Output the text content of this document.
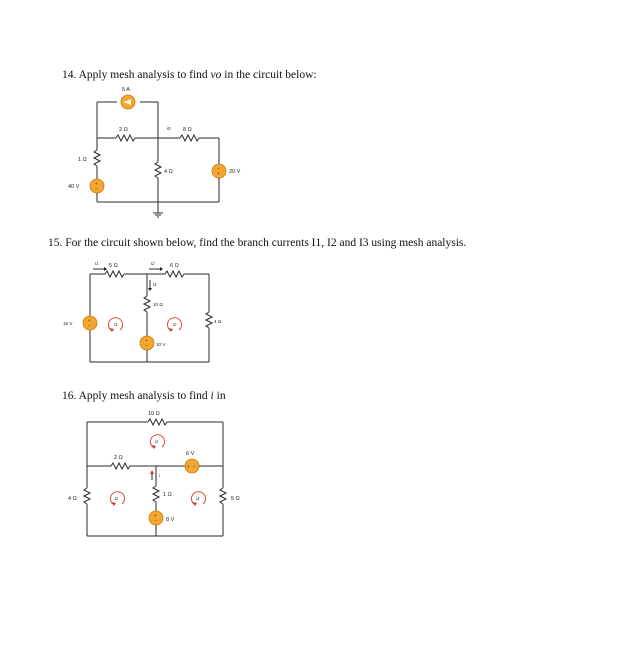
14. Apply mesh analysis to find vo in the circuit below:
5 A
2 Ω	8 Ω
i0
+
−
1 Ω
40 V
4 Ω
−
+ 20 V
15. For the circuit shown below, find the branch currents I1, I2 and I3 using mesh analysis.
5 Ω	6 Ω
I1	I2
+
−
15 V
I3
10 Ω
+
− 10 V
4 Ω
I1	I2
16. Apply mesh analysis to find i in
10 Ω
i1
4 Ω
2 Ω
+ −
6 V
i
1 Ω
+
− 8 V
5 Ω
i2	i3
